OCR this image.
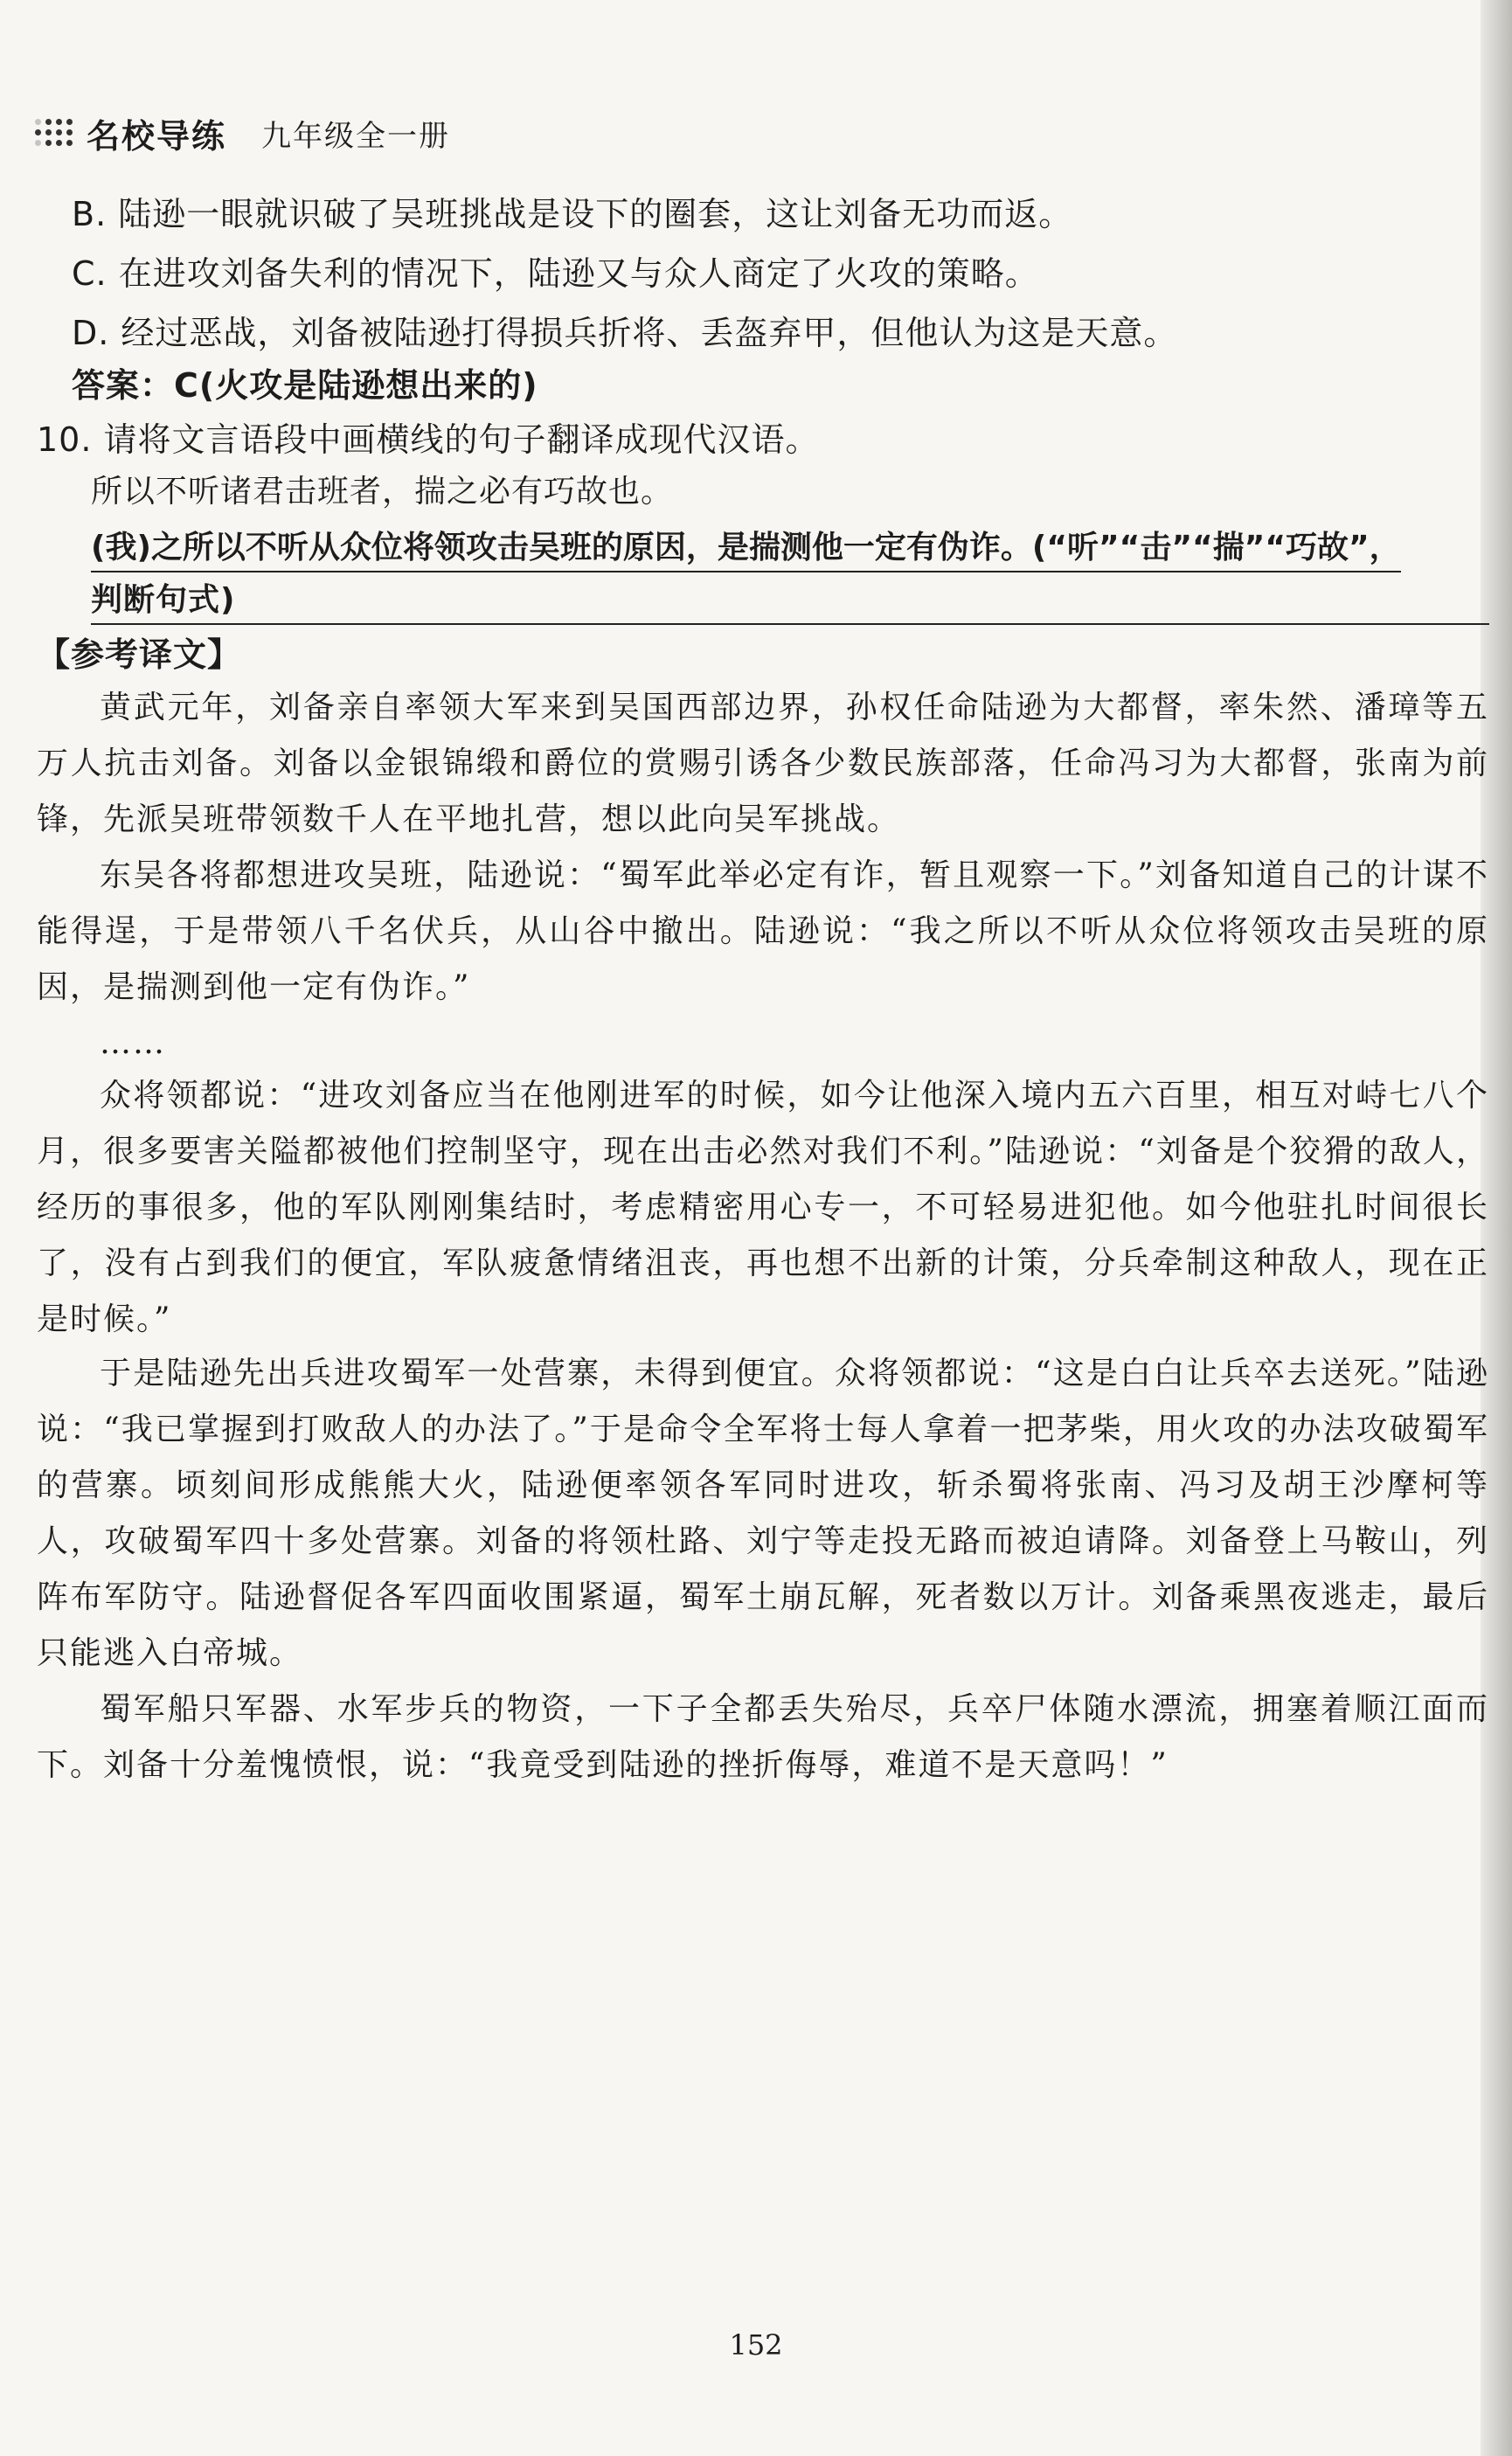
名校导练 九年级全一册
B. 陆逊一眼就识破了吴班挑战是设下的圈套，这让刘备无功而返。
C. 在进攻刘备失利的情况下，陆逊又与众人商定了火攻的策略。
D. 经过恶战，刘备被陆逊打得损兵折将、丢盔弃甲，但他认为这是天意。
答案：C(火攻是陆逊想出来的)
10. 请将文言语段中画横线的句子翻译成现代汉语。
所以不听诸君击班者，揣之必有巧故也。
(我)之所以不听从众位将领攻击吴班的原因，是揣测他一定有伪诈。(“听”“击”“揣”“巧故”，
判断句式)
【参考译文】
黄武元年，刘备亲自率领大军来到吴国西部边界，孙权任命陆逊为大都督，率朱然、潘璋等五万人抗击刘备。刘备以金银锦缎和爵位的赏赐引诱各少数民族部落，任命冯习为大都督，张南为前锋，先派吴班带领数千人在平地扎营，想以此向吴军挑战。
东吴各将都想进攻吴班，陆逊说：“蜀军此举必定有诈，暂且观察一下。”刘备知道自己的计谋不能得逞，于是带领八千名伏兵，从山谷中撤出。陆逊说：“我之所以不听从众位将领攻击吴班的原因，是揣测到他一定有伪诈。”
……
众将领都说：“进攻刘备应当在他刚进军的时候，如今让他深入境内五六百里，相互对峙七八个月，很多要害关隘都被他们控制坚守，现在出击必然对我们不利。”陆逊说：“刘备是个狡猾的敌人，经历的事很多，他的军队刚刚集结时，考虑精密用心专一，不可轻易进犯他。如今他驻扎时间很长了，没有占到我们的便宜，军队疲惫情绪沮丧，再也想不出新的计策，分兵牵制这种敌人，现在正是时候。”
于是陆逊先出兵进攻蜀军一处营寨，未得到便宜。众将领都说：“这是白白让兵卒去送死。”陆逊说：“我已掌握到打败敌人的办法了。”于是命令全军将士每人拿着一把茅柴，用火攻的办法攻破蜀军的营寨。顷刻间形成熊熊大火，陆逊便率领各军同时进攻，斩杀蜀将张南、冯习及胡王沙摩柯等人，攻破蜀军四十多处营寨。刘备的将领杜路、刘宁等走投无路而被迫请降。刘备登上马鞍山，列阵布军防守。陆逊督促各军四面收围紧逼，蜀军土崩瓦解，死者数以万计。刘备乘黑夜逃走，最后只能逃入白帝城。
蜀军船只军器、水军步兵的物资，一下子全都丢失殆尽，兵卒尸体随水漂流，拥塞着顺江面而下。刘备十分羞愧愤恨，说：“我竟受到陆逊的挫折侮辱，难道不是天意吗！”
152
